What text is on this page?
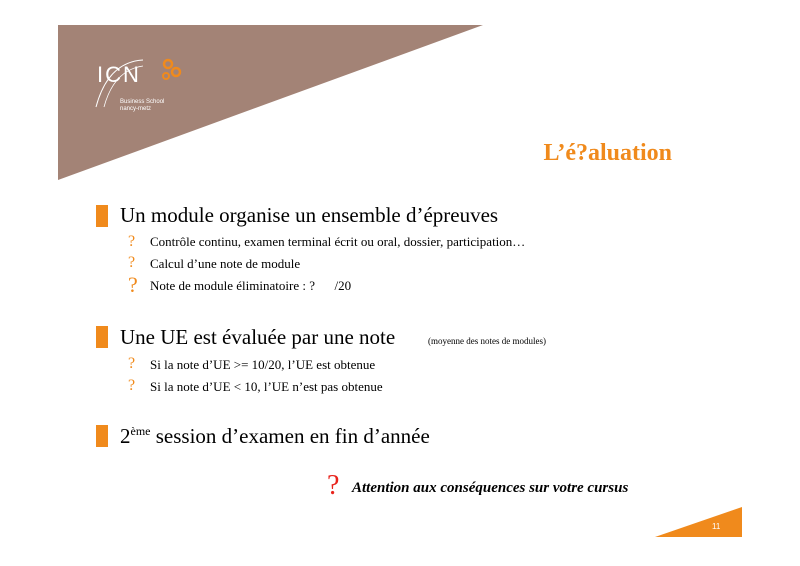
ICN
Business School
nancy-metz
L’é?aluation
Un module organise un ensemble d’épreuves
? Contrôle continu, examen terminal écrit ou oral, dossier, participation…
? Calcul d’une note de module
? Note de module éliminatoire : ?      /20
Une UE est évaluée par une note	(moyenne des notes de modules)
? Si la note d’UE >= 10/20, l’UE est obtenue
? Si la note d’UE < 10, l’UE n’est pas obtenue
2ème session d’examen en fin d’année
? Attention aux conséquences sur votre cursus
11
